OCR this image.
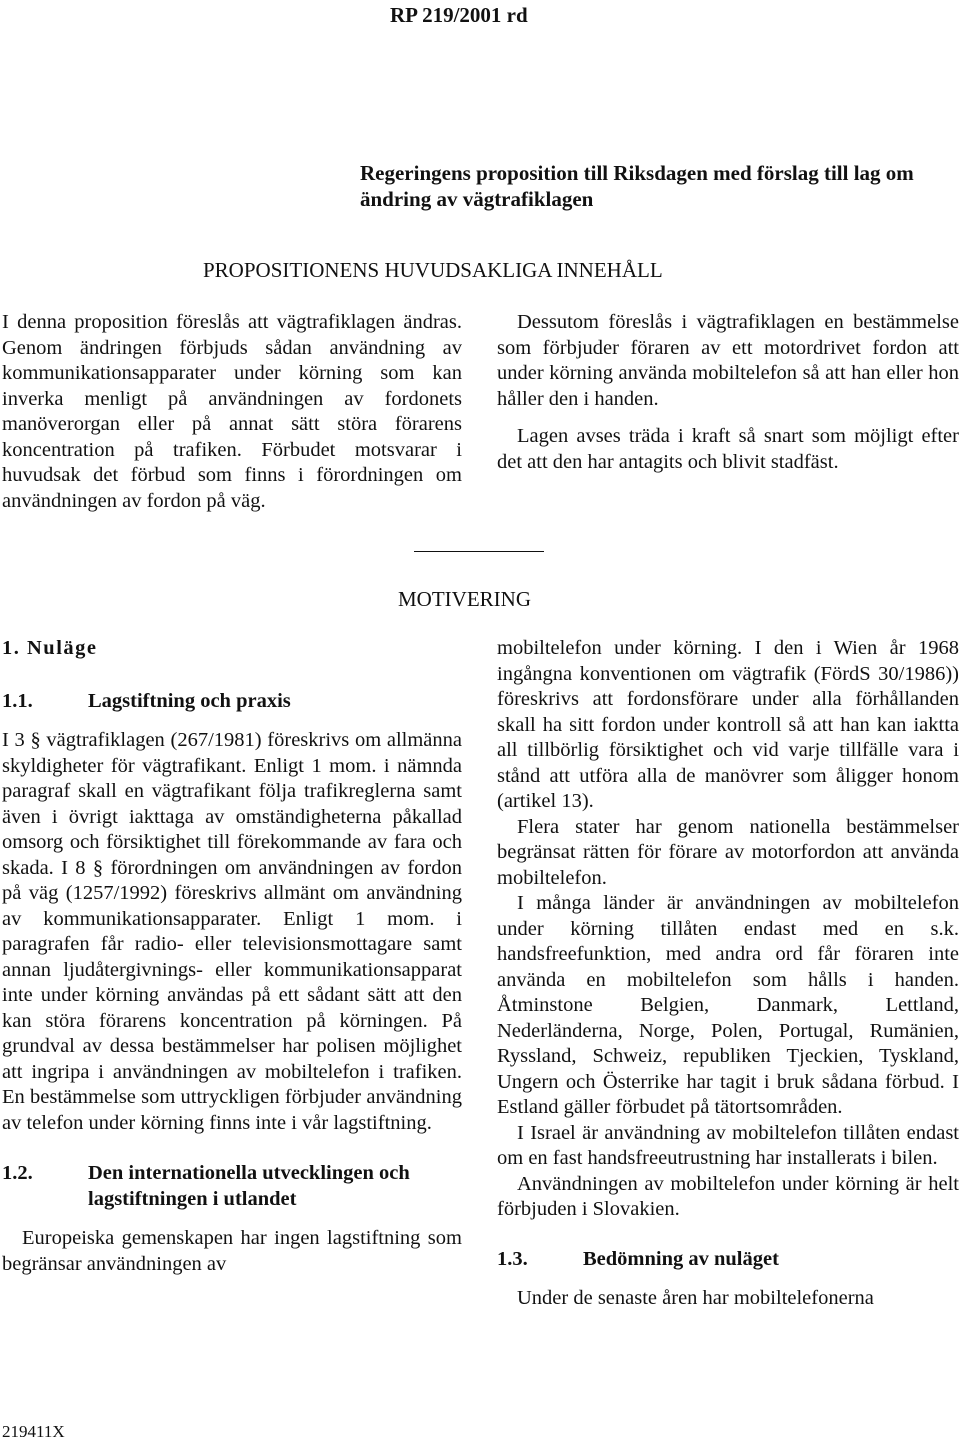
RP 219/2001 rd
Regeringens proposition till Riksdagen med förslag till lag om ändring av vägtrafiklagen
PROPOSITIONENS HUVUDSAKLIGA INNEHÅLL

I denna proposition föreslås att vägtrafiklagen ändras. Genom ändringen förbjuds sådan användning av kommunikationsapparater under körning som kan inverka menligt på användningen av fordonets manöverorgan eller på annat sätt störa förarens koncentration på trafiken. Förbudet motsvarar i huvudsak det förbud som finns i förordningen om användningen av fordon på väg.

Dessutom föreslås i vägtrafiklagen en bestämmelse som förbjuder föraren av ett motordrivet fordon att under körning använda mobiltelefon så att han eller hon håller den i handen.

Lagen avses träda i kraft så snart som möjligt efter det att den har antagits och blivit stadfäst.

MOTIVERING
1. Nuläge
1.1.	Lagstiftning och praxis

I 3 § vägtrafiklagen (267/1981) föreskrivs om allmänna skyldigheter för vägtrafikant. Enligt 1 mom. i nämnda paragraf skall en vägtrafikant följa trafikreglerna samt även i övrigt iakttaga av omständigheterna påkallad omsorg och försiktighet till förekommande av fara och skada. I 8 § förordningen om användningen av fordon på väg (1257/1992) föreskrivs allmänt om användning av kommunikationsapparater. Enligt 1 mom. i paragrafen får radio- eller televisionsmottagare samt annan ljudåtergivnings- eller kommunikationsapparat inte under körning användas på ett sådant sätt att den kan störa förarens koncentration på körningen. På grundval av dessa bestämmelser har polisen möjlighet att ingripa i användningen av mobiltelefon i trafiken. En bestämmelse som uttryckligen förbjuder användning av telefon under körning finns inte i vår lagstiftning.

1.2.	Den internationella utvecklingen och lagstiftningen i utlandet

Europeiska gemenskapen har ingen lagstiftning som begränsar användningen av

mobiltelefon under körning. I den i Wien år 1968 ingångna konventionen om vägtrafik (FördS 30/1986)) föreskrivs att fordonsförare under alla förhållanden skall ha sitt fordon under kontroll så att han kan iaktta all tillbörlig försiktighet och vid varje tillfälle vara i stånd att utföra alla de manövrer som åligger honom (artikel 13).

Flera stater har genom nationella bestämmelser begränsat rätten för förare av motorfordon att använda mobiltelefon.

I många länder är användningen av mobiltelefon under körning tillåten endast med en s.k. handsfreefunktion, med andra ord får föraren inte använda en mobiltelefon som hålls i handen. Åtminstone Belgien, Danmark, Lettland, Nederländerna, Norge, Polen, Portugal, Rumänien, Ryssland, Schweiz, republiken Tjeckien, Tyskland, Ungern och Österrike har tagit i bruk sådana förbud. I Estland gäller förbudet på tätortsområden.

I Israel är användning av mobiltelefon tillåten endast om en fast handsfreeutrustning har installerats i bilen.

Användningen av mobiltelefon under körning är helt förbjuden i Slovakien.

1.3.	Bedömning av nuläget

Under de senaste åren har mobiltelefonerna

219411X
